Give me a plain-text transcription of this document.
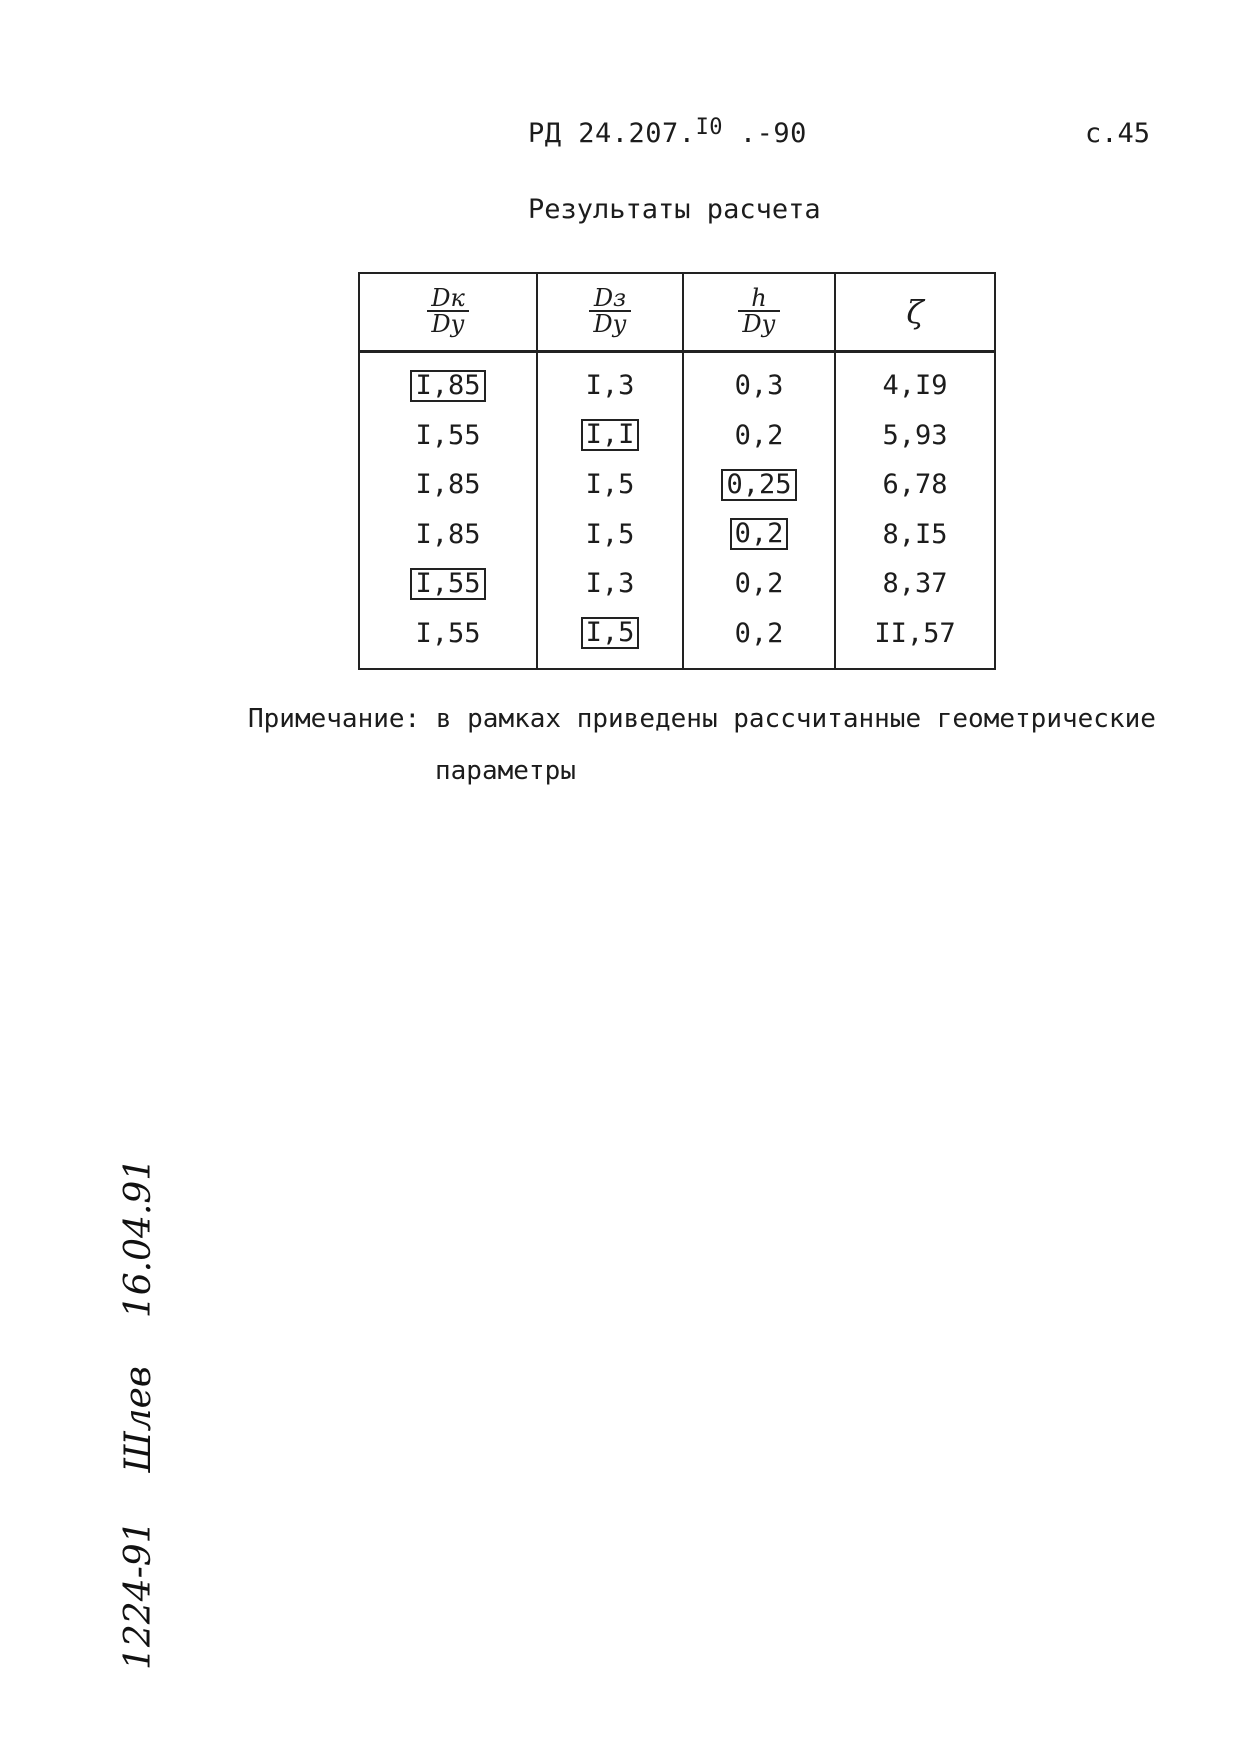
РД 24.207.$^{I0}$ .-90	с.45
Результаты расчета
$\frac{Dк}{Dу}$	$\frac{Dз}{Dу}$	$\frac{h}{Dу}$	ζ
I,85	I,3	0,3	4,I9
I,55	I,I	0,2	5,93
I,85	I,5	0,25	6,78
I,85	I,5	0,2	8,I5
I,55	I,3	0,2	8,37
I,55	I,5	0,2	II,57
Примечание: в рамках приведены рассчитанные геометрические
параметры
1224-91Шлев16.04.91
